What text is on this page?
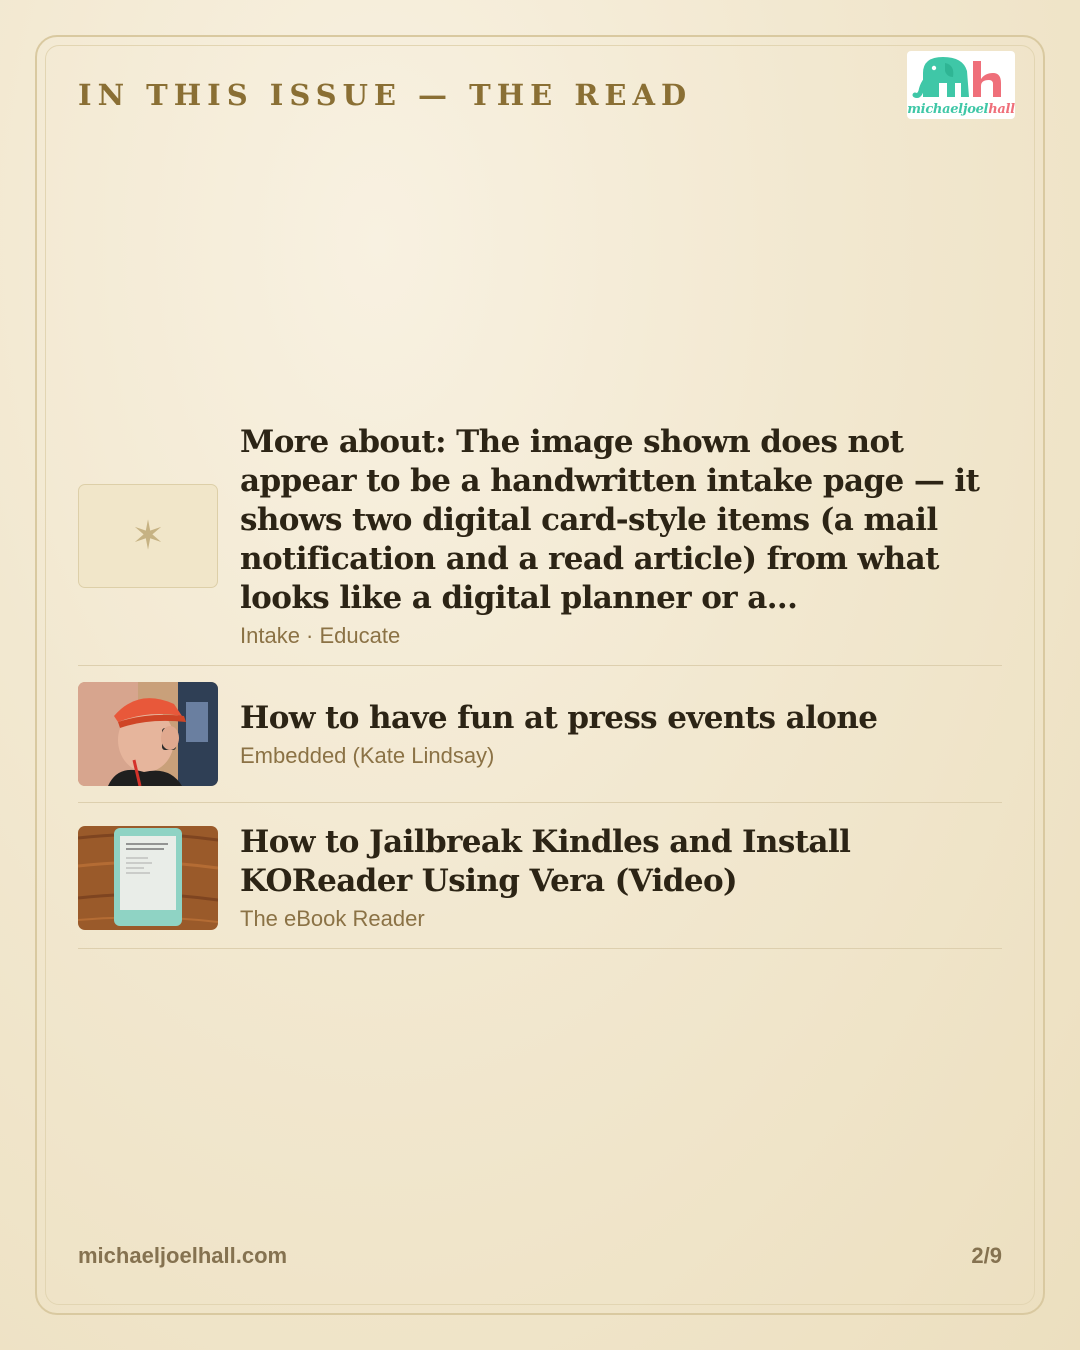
IN THIS ISSUE — THE READ	michaeljoelhall
✶
More about: The image shown does not appear to be a handwritten intake page — it shows two digital card-style items (a mail notification and a read article) from what looks like a digital planner or a...
Intake · Educate
How to have fun at press events alone
Embedded (Kate Lindsay)
How to Jailbreak Kindles and Install KOReader Using Vera (Video)
The eBook Reader
michaeljoelhall.com	2/9
